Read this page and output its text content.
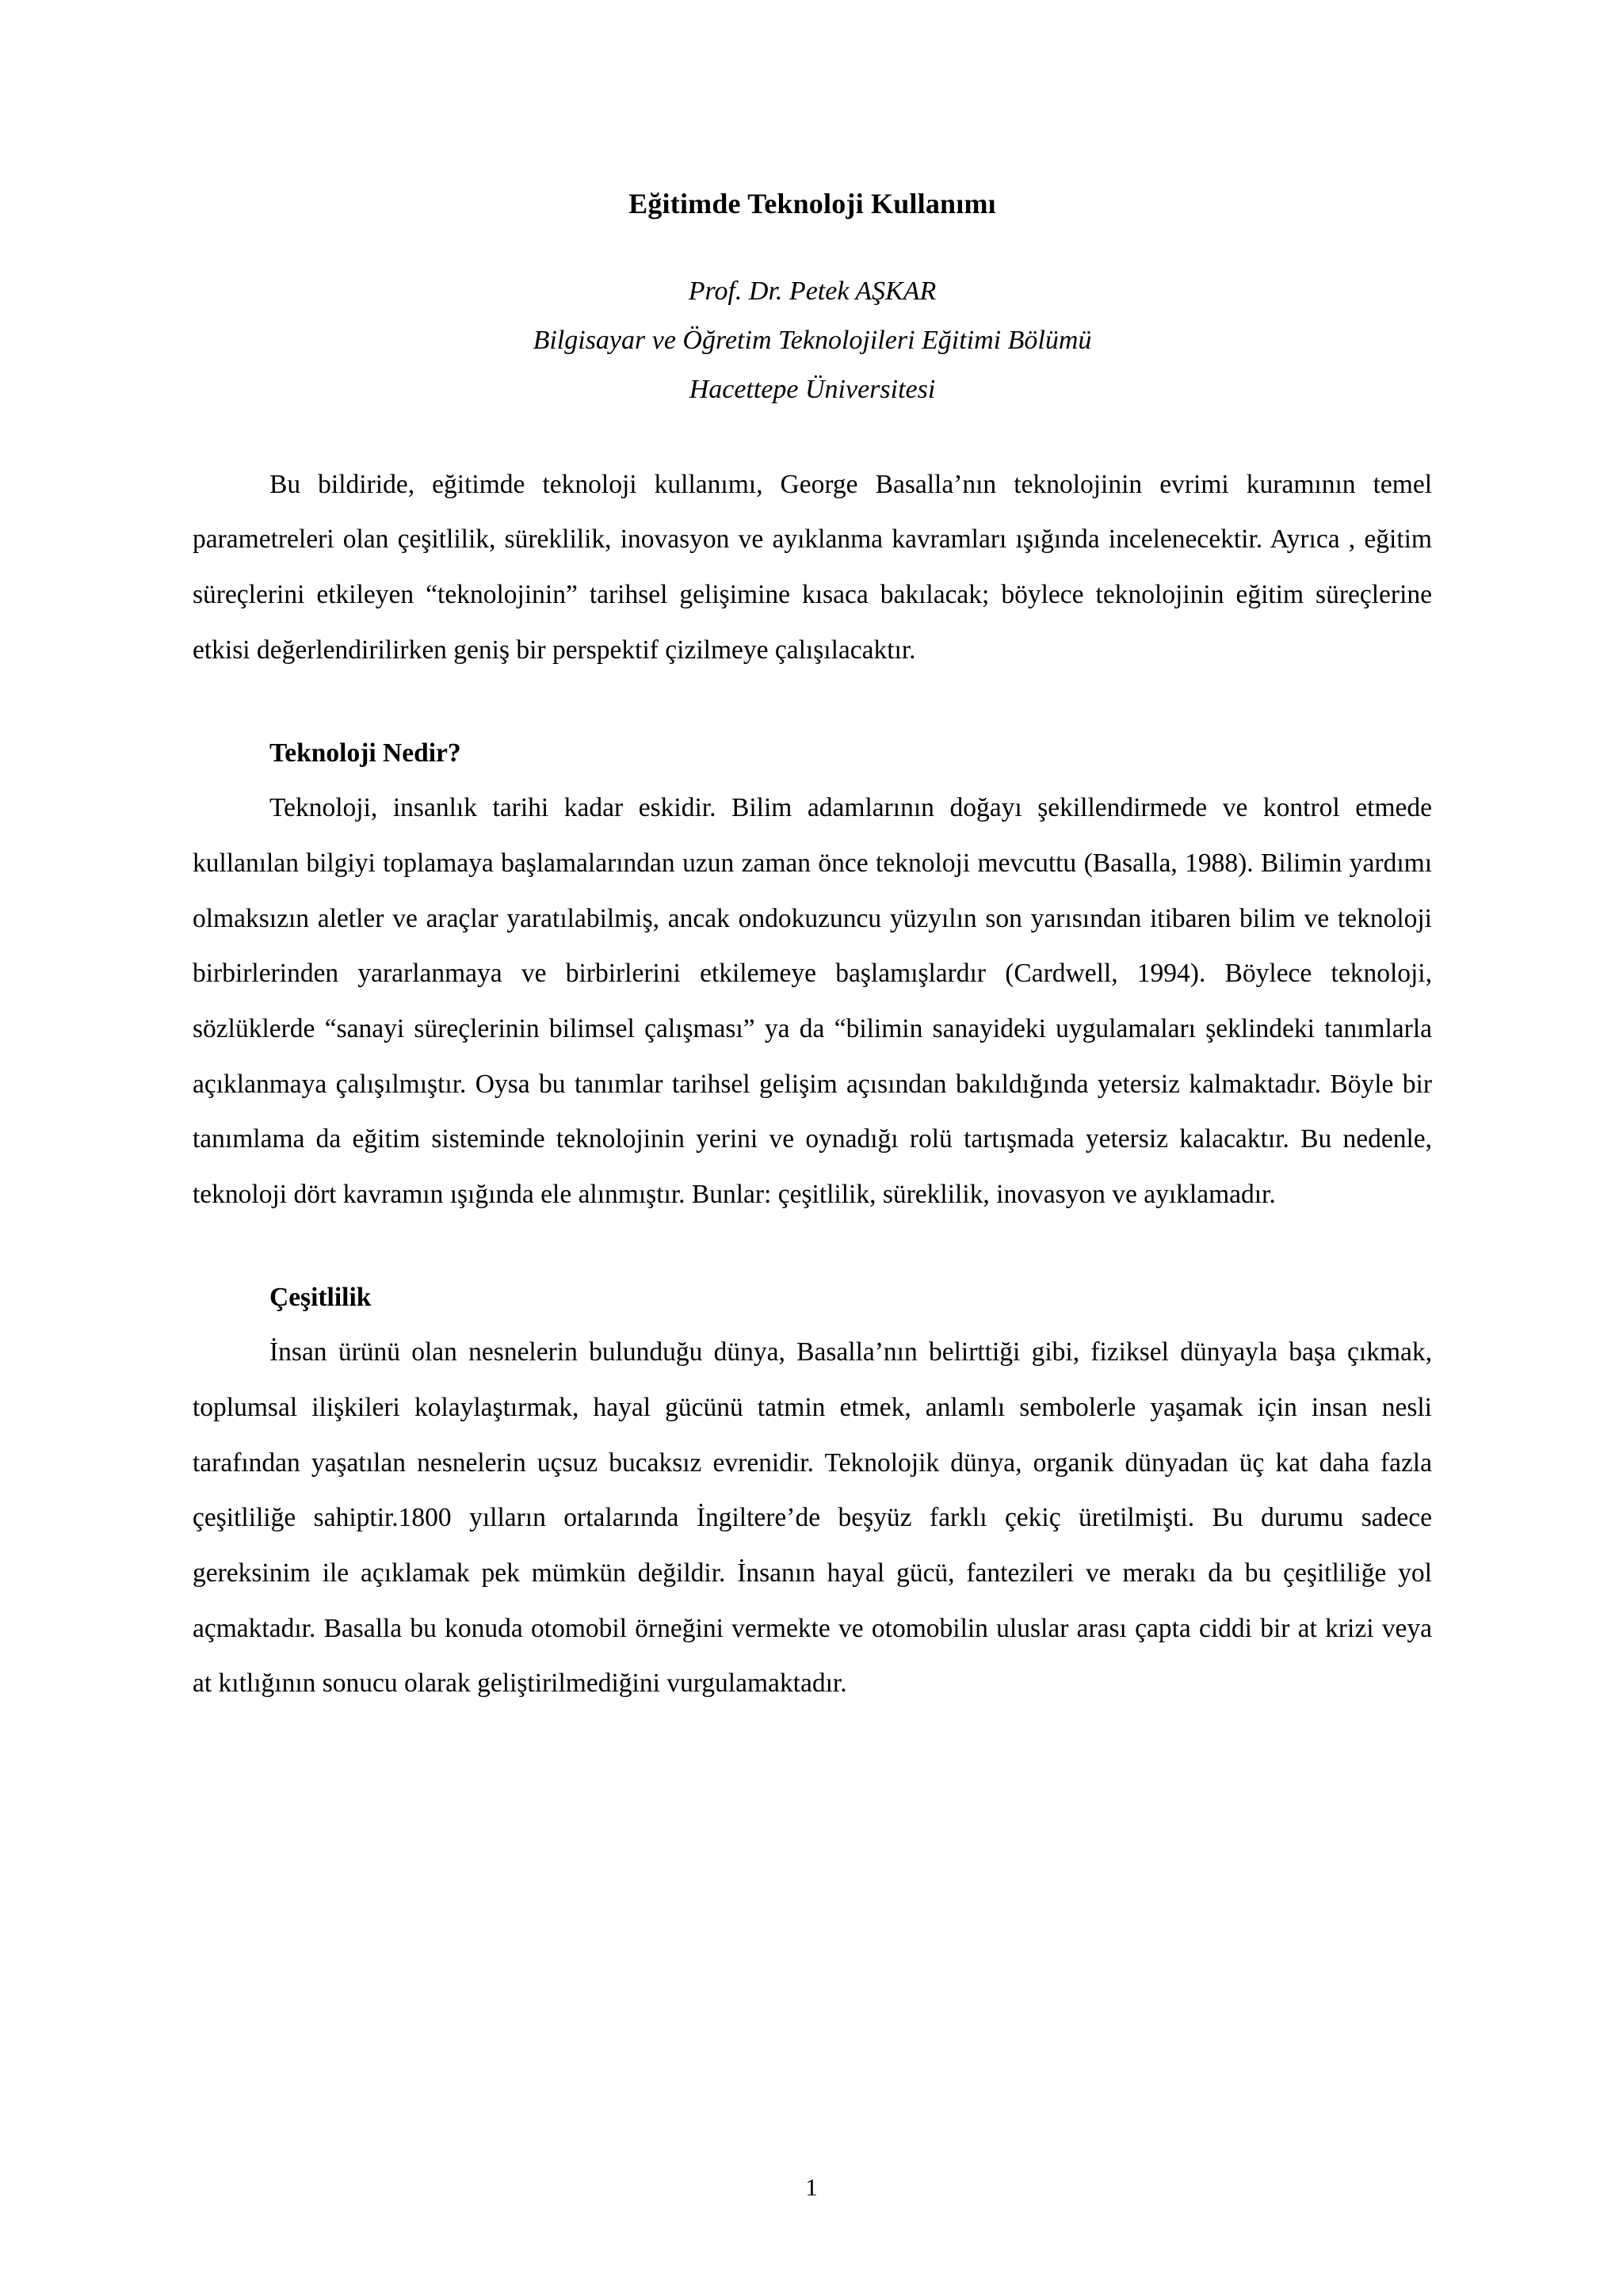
Eğitimde Teknoloji Kullanımı
Prof. Dr. Petek AŞKAR
Bilgisayar ve Öğretim Teknolojileri Eğitimi Bölümü
Hacettepe Üniversitesi

Bu bildiride, eğitimde teknoloji kullanımı, George Basalla’nın teknolojinin evrimi kuramının temel parametreleri olan çeşitlilik, süreklilik, inovasyon ve ayıklanma kavramları ışığında incelenecektir. Ayrıca , eğitim süreçlerini etkileyen “teknolojinin” tarihsel gelişimine kısaca bakılacak; böylece teknolojinin eğitim süreçlerine etkisi değerlendirilirken geniş bir perspektif çizilmeye çalışılacaktır.

Teknoloji Nedir?

Teknoloji, insanlık tarihi kadar eskidir. Bilim adamlarının doğayı şekillendirmede ve kontrol etmede kullanılan bilgiyi toplamaya başlamalarından uzun zaman önce teknoloji mevcuttu (Basalla, 1988). Bilimin yardımı olmaksızın aletler ve araçlar yaratılabilmiş, ancak ondokuzuncu yüzyılın son yarısından itibaren bilim ve teknoloji birbirlerinden yararlanmaya ve birbirlerini etkilemeye başlamışlardır (Cardwell, 1994). Böylece teknoloji, sözlüklerde “sanayi süreçlerinin bilimsel çalışması” ya da “bilimin sanayideki uygulamaları şeklindeki tanımlarla açıklanmaya çalışılmıştır. Oysa bu tanımlar tarihsel gelişim açısından bakıldığında yetersiz kalmaktadır. Böyle bir tanımlama da eğitim sisteminde teknolojinin yerini ve oynadığı rolü tartışmada yetersiz kalacaktır. Bu nedenle, teknoloji dört kavramın ışığında ele alınmıştır. Bunlar: çeşitlilik, süreklilik, inovasyon ve ayıklamadır.

Çeşitlilik

İnsan ürünü olan nesnelerin bulunduğu dünya, Basalla’nın belirttiği gibi, fiziksel dünyayla başa çıkmak, toplumsal ilişkileri kolaylaştırmak, hayal gücünü tatmin etmek, anlamlı sembolerle yaşamak için insan nesli tarafından yaşatılan nesnelerin uçsuz bucaksız evrenidir. Teknolojik dünya, organik dünyadan üç kat daha fazla çeşitliliğe sahiptir.1800 yılların ortalarında İngiltere’de beşyüz farklı çekiç üretilmişti. Bu durumu sadece gereksinim ile açıklamak pek mümkün değildir. İnsanın hayal gücü, fantezileri ve merakı da bu çeşitliliğe yol açmaktadır. Basalla bu konuda otomobil örneğini vermekte ve otomobilin uluslar arası çapta ciddi bir at krizi veya at kıtlığının sonucu olarak geliştirilmediğini vurgulamaktadır.

1
